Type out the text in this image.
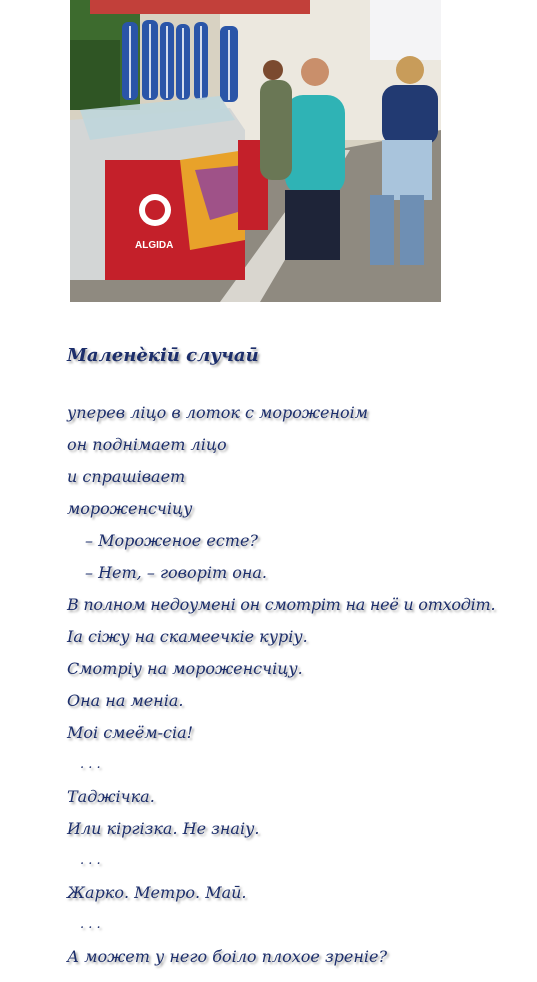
ALGIDA
Маленѐкіӣ случаӣ
уперев ліцо в лоток с мороженоім
он поднімает ліцо
и спрашівает
мороженсчіцу
– Мороженое есте?
– Нет, – говоріт она.
В полном недоумені он смотріт на неё и отходіт.
Іа сіжу на скамеечкіе куріу.
Смотріу на мороженсчіцу.
Она на меніа.
Моі смеём-сіа!
. . .
Таджічка.
Или кіргізка. Не знаіу.
. . .
Жарко. Метро. Маӣ.
. . .
А может у него боіло плохое зреніе?
